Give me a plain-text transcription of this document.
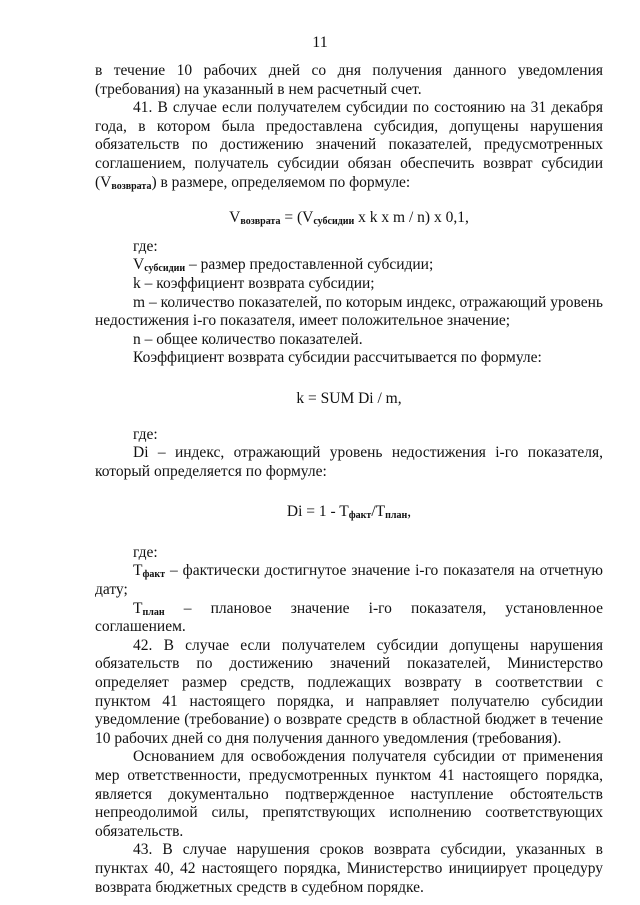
11
в течение 10 рабочих дней со дня получения данного уведомления
(требования) на указанный в нем расчетный счет.
41. В случае если получателем субсидии по состоянию на 31 декабря
года, в котором была предоставлена субсидия, допущены нарушения
обязательств по достижению значений показателей, предусмотренных
соглашением, получатель субсидии обязан обеспечить возврат субсидии
$(V_{возврата})$ в размере, определяемом по формуле:
$V_{возврата} = (V_{субсидии}$ x k x m / n) x 0,1,
где:
$V_{субсидии}$ – размер предоставленной субсидии;
k – коэффициент возврата субсидии;
m – количество показателей, по которым индекс, отражающий уровень
недостижения i-го показателя, имеет положительное значение;
n – общее количество показателей.
Коэффициент возврата субсидии рассчитывается по формуле:
k = SUM Di / m,
где:
Di – индекс, отражающий уровень недостижения i-го показателя,
который определяется по формуле:
$Di = 1 - T_{факт}/T_{план}$,
где:
$T_{факт}$ – фактически достигнутое значение i-го показателя на отчетную
дату;
$T_{план}$ – плановое значение i-го показателя, установленное
соглашением.
42. В случае если получателем субсидии допущены нарушения
обязательств по достижению значений показателей, Министерство
определяет размер средств, подлежащих возврату в соответствии с
пунктом 41 настоящего порядка, и направляет получателю субсидии
уведомление (требование) о возврате средств в областной бюджет в течение
10 рабочих дней со дня получения данного уведомления (требования).
Основанием для освобождения получателя субсидии от применения
мер ответственности, предусмотренных пунктом 41 настоящего порядка,
является документально подтвержденное наступление обстоятельств
непреодолимой силы, препятствующих исполнению соответствующих
обязательств.
43. В случае нарушения сроков возврата субсидии, указанных в
пунктах 40, 42 настоящего порядка, Министерство инициирует процедуру
возврата бюджетных средств в судебном порядке.
